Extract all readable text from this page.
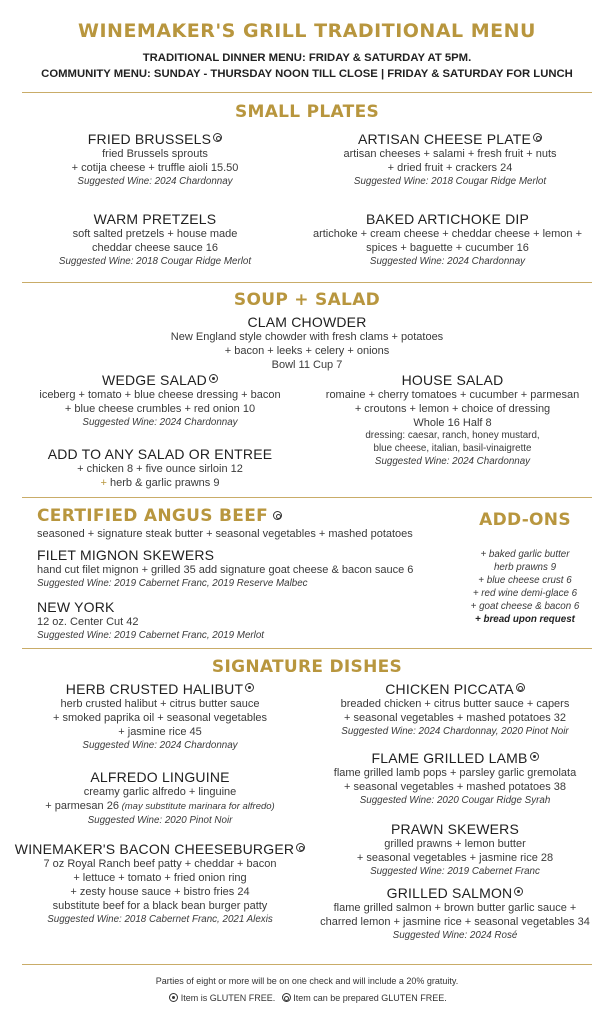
WINEMAKER'S GRILL TRADITIONAL MENU
TRADITIONAL DINNER MENU: FRIDAY & SATURDAY AT 5PM.
COMMUNITY MENU: SUNDAY - THURSDAY NOON TILL CLOSE | FRIDAY & SATURDAY FOR LUNCH
SMALL PLATES
FRIED BRUSSELS
fried Brussels sprouts
+ cotija cheese + truffle aioli 15.50
Suggested Wine: 2024 Chardonnay
ARTISAN CHEESE PLATE
artisan cheeses + salami + fresh fruit + nuts
+ dried fruit + crackers 24
Suggested Wine: 2018 Cougar Ridge Merlot
WARM PRETZELS
soft salted pretzels + house made
cheddar cheese sauce 16
Suggested Wine: 2018 Cougar Ridge Merlot
BAKED ARTICHOKE DIP
artichoke + cream cheese + cheddar cheese + lemon +
spices + baguette + cucumber 16
Suggested Wine: 2024 Chardonnay
SOUP + SALAD
CLAM CHOWDER
New England style chowder with fresh clams + potatoes
+ bacon + leeks + celery + onions
Bowl 11 Cup 7
WEDGE SALAD
iceberg + tomato + blue cheese dressing + bacon
+ blue cheese crumbles + red onion 10
Suggested Wine: 2024 Chardonnay
HOUSE SALAD
romaine + cherry tomatoes + cucumber + parmesan
+ croutons + lemon + choice of dressing
Whole 16 Half 8
dressing: caesar, ranch, honey mustard,
blue cheese, italian, basil-vinaigrette
Suggested Wine: 2024 Chardonnay
ADD TO ANY SALAD OR ENTREE
+ chicken 8 + five ounce sirloin 12
+ herb & garlic prawns 9
CERTIFIED ANGUS BEEF
seasoned + signature steak butter + seasonal vegetables + mashed potatoes
FILET MIGNON SKEWERS
hand cut filet mignon + grilled 35 add signature goat cheese & bacon sauce 6
Suggested Wine: 2019 Cabernet Franc, 2019 Reserve Malbec
NEW YORK
12 oz. Center Cut 42
Suggested Wine: 2019 Cabernet Franc, 2019 Merlot
ADD-ONS
+ baked garlic butter
herb prawns 9
+ blue cheese crust 6
+ red wine demi-glace 6
+ goat cheese & bacon 6
+ bread upon request
SIGNATURE DISHES
HERB CRUSTED HALIBUT
herb crusted halibut + citrus butter sauce
+ smoked paprika oil + seasonal vegetables
+ jasmine rice 45
Suggested Wine: 2024 Chardonnay
ALFREDO LINGUINE
creamy garlic alfredo + linguine
+ parmesan 26 (may substitute marinara for alfredo)
Suggested Wine: 2020 Pinot Noir
WINEMAKER'S BACON CHEESEBURGER
7 oz Royal Ranch beef patty + cheddar + bacon
+ lettuce + tomato + fried onion ring
+ zesty house sauce + bistro fries 24
substitute beef for a black bean burger patty
Suggested Wine: 2018 Cabernet Franc, 2021 Alexis
CHICKEN PICCATA
breaded chicken + citrus butter sauce + capers
+ seasonal vegetables + mashed potatoes 32
Suggested Wine: 2024 Chardonnay, 2020 Pinot Noir
FLAME GRILLED LAMB
flame grilled lamb pops + parsley garlic gremolata
+ seasonal vegetables + mashed potatoes 38
Suggested Wine: 2020 Cougar Ridge Syrah
PRAWN SKEWERS
grilled prawns + lemon butter
+ seasonal vegetables + jasmine rice 28
Suggested Wine: 2019 Cabernet Franc
GRILLED SALMON
flame grilled salmon + brown butter garlic sauce +
charred lemon + jasmine rice + seasonal vegetables 34
Suggested Wine: 2024 Rosé
Parties of eight or more will be on one check and will include a 20% gratuity.
Item is GLUTEN FREE. Item can be prepared GLUTEN FREE.
